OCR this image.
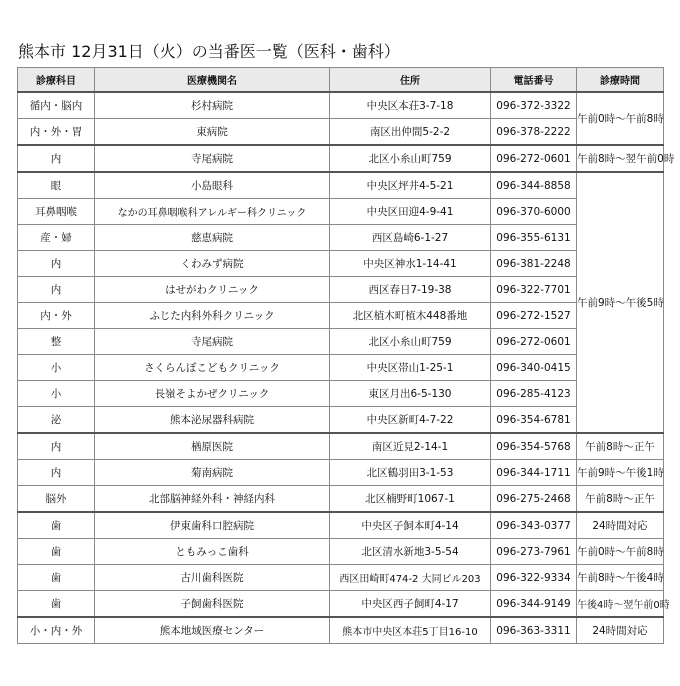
熊本市 12月31日（火）の当番医一覧（医科・歯科）
診療科目	医療機関名	住所	電話番号	診療時間
循内・脳内	杉村病院	中央区本荘3-7-18	096-372-3322	午前0時～午前8時
内・外・胃	東病院	南区出仲間5-2-2	096-378-2222	
内	寺尾病院	北区小糸山町759	096-272-0601	午前8時～翌午前0時
眼	小島眼科	中央区坪井4-5-21	096-344-8858	午前9時～午後5時
耳鼻咽喉	なかの耳鼻咽喉科アレルギー科クリニック	中央区田迎4-9-41	096-370-6000	
産・婦	慈恵病院	西区島崎6-1-27	096-355-6131	
内	くわみず病院	中央区神水1-14-41	096-381-2248	
内	はせがわクリニック	西区春日7-19-38	096-322-7701	
内・外	ふじた内科外科クリニック	北区植木町植木448番地	096-272-1527	
整	寺尾病院	北区小糸山町759	096-272-0601	
小	さくらんぼこどもクリニック	中央区帯山1-25-1	096-340-0415	
小	長嶺そよかぜクリニック	東区月出6-5-130	096-285-4123	
泌	熊本泌尿器科病院	中央区新町4-7-22	096-354-6781	
内	楢原医院	南区近見2-14-1	096-354-5768	午前8時～正午
内	菊南病院	北区鶴羽田3-1-53	096-344-1711	午前9時～午後1時
脳外	北部脳神経外科・神経内科	北区楠野町1067-1	096-275-2468	午前8時～正午
歯	伊東歯科口腔病院	中央区子飼本町4-14	096-343-0377	24時間対応
歯	ともみっこ歯科	北区清水新地3-5-54	096-273-7961	午前0時～午前8時
歯	古川歯科医院	西区田崎町474-2 大同ビル203	096-322-9334	午前8時～午後4時
歯	子飼歯科医院	中央区西子飼町4-17	096-344-9149	午後4時～翌午前0時
小・内・外	熊本地域医療センター	熊本市中央区本荘5丁目16-10	096-363-3311	24時間対応
